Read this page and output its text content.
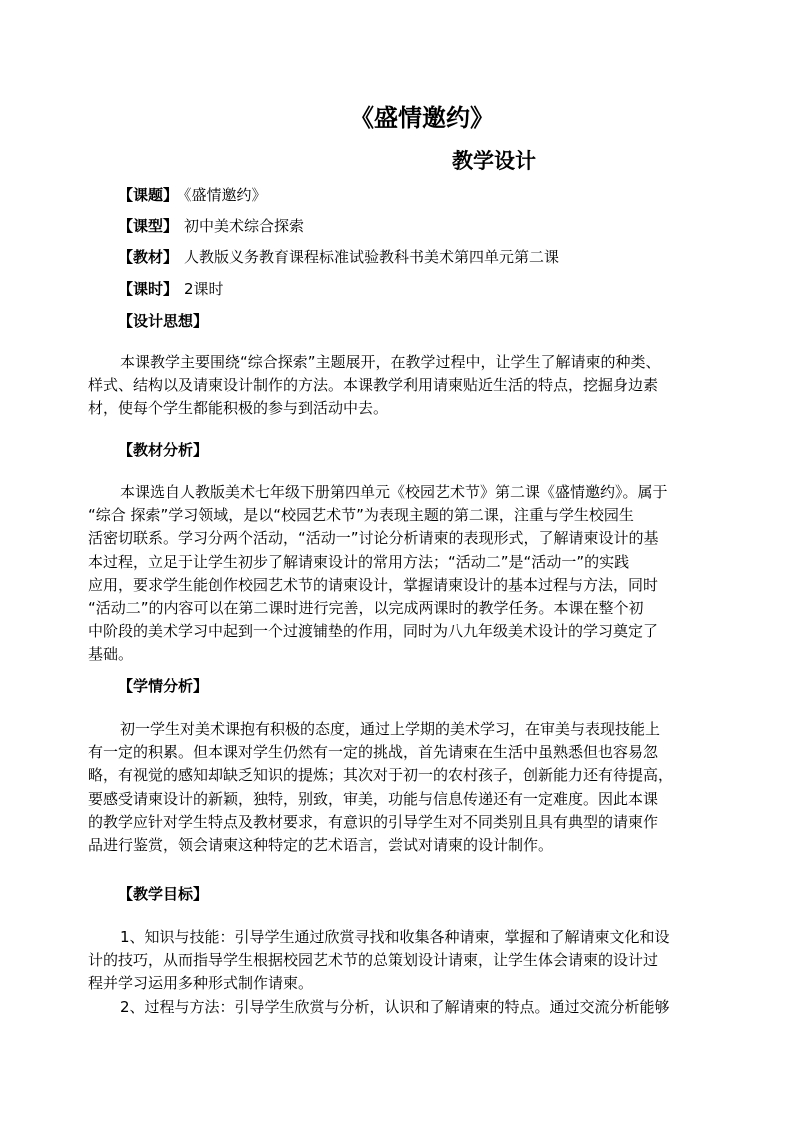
《盛情邀约》
教学设计
【课题】 《盛情邀约》
【课型】 初中美术综合探索
【教材】 人教版义务教育课程标准试验教科书美术第四单元第二课
【课时】 2课时
【设计思想】
本课教学主要围绕“综合探索”主题展开，在教学过程中，让学生了解请柬的种类、
样式、结构以及请柬设计制作的方法。本课教学利用请柬贴近生活的特点，挖掘身边素
材，使每个学生都能积极的参与到活动中去。
【教材分析】
本课选自人教版美术七年级下册第四单元《校园艺术节》第二课《盛情邀约》。属于
“综合 探索”学习领域，是以“校园艺术节”为表现主题的第二课，注重与学生校园生
活密切联系。学习分两个活动，“活动一”讨论分析请柬的表现形式，了解请柬设计的基
本过程，立足于让学生初步了解请柬设计的常用方法；“活动二”是“活动一”的实践
应用，要求学生能创作校园艺术节的请柬设计，掌握请柬设计的基本过程与方法，同时
“活动二”的内容可以在第二课时进行完善，以完成两课时的教学任务。本课在整个初
中阶段的美术学习中起到一个过渡铺垫的作用，同时为八九年级美术设计的学习奠定了
基础。
【学情分析】
初一学生对美术课抱有积极的态度，通过上学期的美术学习，在审美与表现技能上
有一定的积累。但本课对学生仍然有一定的挑战，首先请柬在生活中虽熟悉但也容易忽
略，有视觉的感知却缺乏知识的提炼；其次对于初一的农村孩子，创新能力还有待提高，
要感受请柬设计的新颖，独特，别致，审美，功能与信息传递还有一定难度。因此本课
的教学应针对学生特点及教材要求，有意识的引导学生对不同类别且具有典型的请柬作
品进行鉴赏，领会请柬这种特定的艺术语言，尝试对请柬的设计制作。
【教学目标】
1、知识与技能：引导学生通过欣赏寻找和收集各种请柬，掌握和了解请柬文化和设
计的技巧，从而指导学生根据校园艺术节的总策划设计请柬，让学生体会请柬的设计过
程并学习运用多种形式制作请柬。
2、过程与方法：引导学生欣赏与分析，认识和了解请柬的特点。通过交流分析能够
